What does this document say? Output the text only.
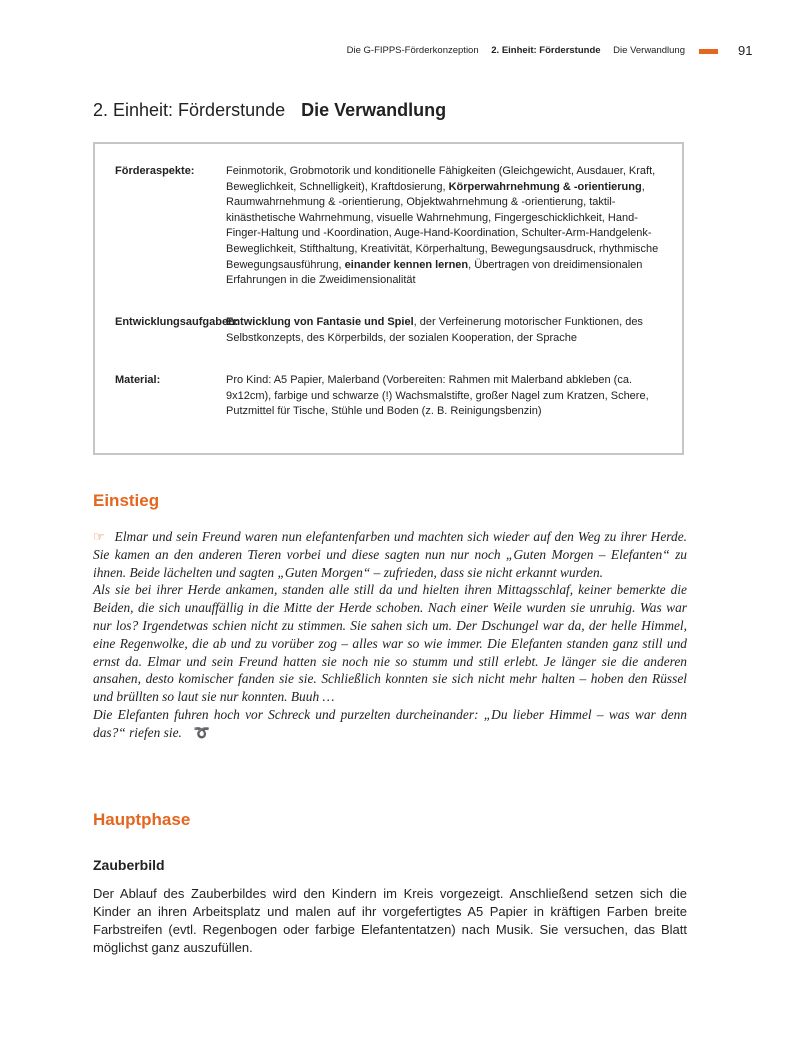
Die G-FIPPS-Förderkonzeption 2. Einheit: Förderstunde Die Verwandlung	91
2. Einheit: Förderstunde Die Verwandlung
Förderaspekte:	Feinmotorik, Grobmotorik und konditionelle Fähigkeiten (Gleichgewicht, Ausdauer, Kraft, Beweglichkeit, Schnelligkeit), Kraftdosierung, Körperwahrnehmung & -orientierung, Raumwahrnehmung & -orientierung, Objektwahrnehmung & -orientierung, taktil-kinästhetische Wahrnehmung, visuelle Wahrnehmung, Fingergeschicklichkeit, Hand-Finger-Haltung und -Koordination, Auge-Hand-Koordination, Schulter-Arm-Handgelenk-Beweglichkeit, Stifthaltung, Kreativität, Körperhaltung, Bewegungsausdruck, rhythmische Bewegungsausführung, einander kennen lernen, Übertragen von dreidimensionalen Erfahrungen in die Zweidimensionalität
Entwicklungsaufgaben:
Entwicklung von Fantasie und Spiel, der Verfeinerung motorischer Funktionen, des Selbstkonzepts, des Körperbilds, der sozialen Kooperation, der Sprache
Material:	Pro Kind: A5 Papier, Malerband (Vorbereiten: Rahmen mit Malerband abkleben (ca. 9x12cm), farbige und schwarze (!) Wachsmalstifte, großer Nagel zum Kratzen, Schere, Putzmittel für Tische, Stühle und Boden (z. B. Reinigungsbenzin)
Einstieg

☞ Elmar und sein Freund waren nun elefantenfarben und machten sich wieder auf den Weg zu ihrer Herde. Sie kamen an den anderen Tieren vorbei und diese sagten nun nur noch „Guten Morgen – Elefanten“ zu ihnen. Beide lächelten und sagten „Guten Morgen“ – zufrieden, dass sie nicht erkannt wurden.

Als sie bei ihrer Herde ankamen, standen alle still da und hielten ihren Mittagsschlaf, keiner bemerkte die Beiden, die sich unauffällig in die Mitte der Herde schoben. Nach einer Weile wurden sie unruhig. Was war nur los? Irgendetwas schien nicht zu stimmen. Sie sahen sich um. Der Dschungel war da, der helle Himmel, eine Regenwolke, die ab und zu vorüber zog – alles war so wie immer. Die Elefanten standen ganz still und ernst da. Elmar und sein Freund hatten sie noch nie so stumm und still erlebt. Je länger sie die anderen ansahen, desto komischer fanden sie sie. Schließlich konnten sie sich nicht mehr halten – hoben den Rüssel und brüllten so laut sie nur konnten. Buuh …

Die Elefanten fuhren hoch vor Schreck und purzelten durcheinander: „Du lieber Himmel – was war denn das?“ riefen sie. ➰

Hauptphase
Zauberbild
Der Ablauf des Zauberbildes wird den Kindern im Kreis vorgezeigt. Anschließend setzen sich die Kinder an ihren Arbeitsplatz und malen auf ihr vorgefertigtes A5 Papier in kräftigen Farben breite Farbstreifen (evtl. Regenbogen oder farbige Elefantentatzen) nach Musik. Sie versuchen, das Blatt möglichst ganz auszufüllen.
